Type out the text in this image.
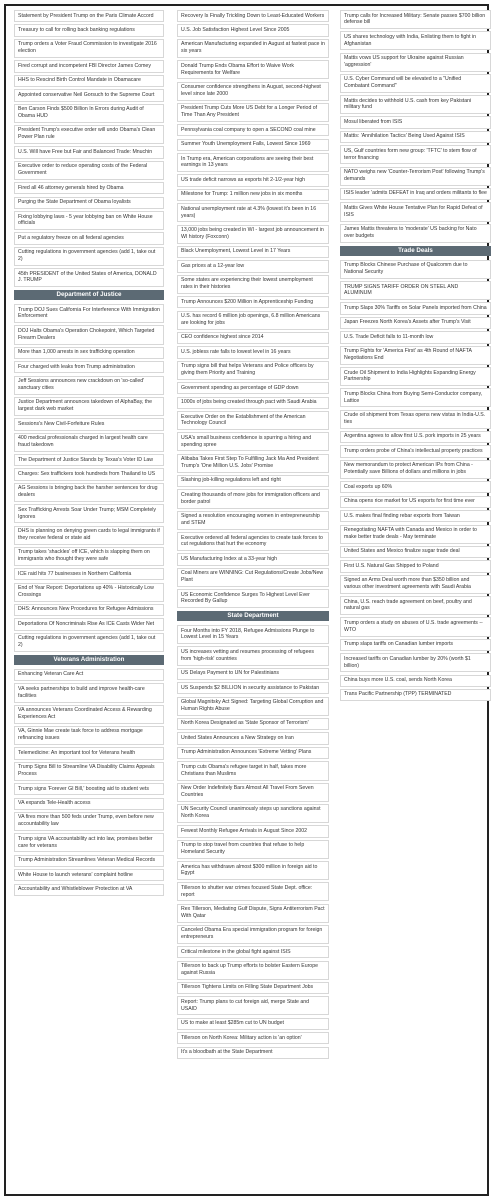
Statement by President Trump on the Paris Climate Accord
Treasury to call for rolling back banking regulations
Trump orders a Voter Fraud Commission to investigate 2016 election
Fired corrupt and incompetent FBI Director James Comey
HHS to Rescind Birth Control Mandate in Obamacare
Appointed conservative Neil Gorsuch to the Supreme Court
Ben Carson Finds $500 Billion In Errors during Audit of Obama HUD
President Trump's executive order will undo Obama's Clean Power Plan rule
U.S. Will have Free but Fair and Balanced Trade: Mnuchin
Executive order to reduce operating costs of the Federal Government
Fired all 46 attorney generals hired by Obama
Purging the State Department of Obama loyalists
Fixing lobbying laws - 5 year lobbying ban on White House officials
Put a regulatory freeze on all federal agencies
Cutting regulations in government agencies (add 1, take out 2)
45th PRESIDENT of the United States of America, DONALD J. TRUMP
Department of Justice
Trump DOJ Sues California For Interference With Immigration Enforcement
DOJ Halts Obama's Operation Chokepoint, Which Targeted Firearm Dealers
More than 1,000 arrests in sex trafficking operation
Four charged with leaks from Trump administration
Jeff Sessions announces new crackdown on 'so-called' sanctuary cities
Justice Department announces takedown of AlphaBay, the largest dark web market
Sessions's New Civil-Forfeiture Rules
400 medical professionals charged in largest health care fraud takedown
The Department of Justice Stands by Texas's Voter ID Law
Charges: Sex traffickers took hundreds from Thailand to US
AG Sessions is bringing back the harsher sentences for drug dealers
Sex Trafficking Arrests Soar Under Trump; MSM Completely Ignores
DHS is planning on denying green cards to legal immigrants if they receive federal or state aid
Trump takes 'shackles' off ICE, which is slapping them on immigrants who thought they were safe
ICE raid hits 77 businesses in Northern California
End of Year Report: Deportations up 40% - Historically Low Crossings
DHS: Announces New Procedures for Refugee Admissions
Deportations Of Noncriminals Rise As ICE Casts Wider Net
Cutting regulations in government agencies (add 1, take out 2)
Veterans Administration
Enhancing Veteran Care Act
VA seeks partnerships to build and improve health-care facilities
VA announces Veterans Coordinated Access & Rewarding Experiences Act
VA, Ginnie Mae create task force to address mortgage refinancing issues
Telemedicine: An important tool for Veterans health
Trump Signs Bill to Streamline VA Disability Claims Appeals Process
Trump signs 'Forever GI Bill,' boosting aid to student vets
VA expands Tele-Health access
VA fires more than 500 feds under Trump, even before new accountability law
Trump signs VA accountability act into law, promises better care for veterans
Trump Administration Streamlines Veteran Medical Records
White House to launch veterans' complaint hotline
Accountability and Whistleblower Protection at VA
Recovery Is Finally Trickling Down to Least-Educated Workers
U.S. Job Satisfaction Highest Level Since 2005
American Manufacturing expanded in August at fastest pace in six years
Donald Trump Ends Obama Effort to Waive Work Requirements for Welfare
Consumer confidence strengthens in August, second-highest level since late 2000
President Trump Cuts More US Debt for a Longer Period of Time Than Any President
Pennsylvania coal company to open a SECOND coal mine
Summer Youth Unemployment Falls, Lowest Since 1969
In Trump era, American corporations are seeing their best earnings in 13 years
US trade deficit narrows as exports hit 2-1/2-year high
Milestone for Trump: 1 million new jobs in six months
National unemployment rate at 4.3% (lowest it's been in 16 years)
13,000 jobs being created in WI - largest job announcement in WI history (Foxconn)
Black Unemployment, Lowest Level in 17 Years
Gas prices at a 12-year low
Some states are experiencing their lowest unemployment rates in their histories
Trump Announces $200 Million in Apprenticeship Funding
U.S. has record 6 million job openings, 6.8 million Americans are looking for jobs
CEO confidence highest since 2014
U.S. jobless rate falls to lowest level in 16 years
Trump signs bill that helps Veterans and Police officers by giving them Priority and Training
Government spending as percentage of GDP down
1000s of jobs being created through pact with Saudi Arabia
Executive Order on the Establishment of the American Technology Council
USA's small business confidence is spurring a hiring and spending spree
Alibaba Takes First Step To Fulfilling Jack Ma And President Trump's 'One Million U.S. Jobs' Promise
Slashing job-killing regulations left and right
Creating thousands of more jobs for immigration officers and border patrol
Signed a resolution encouraging women in entrepreneurship and STEM
Executive ordered all federal agencies to create task forces to cut regulations that hurt the economy
US Manufacturing Index at a 33-year high
Coal Miners are WINNING: Cut Regulations/Create Jobs/New Plant
US Economic Confidence Surges To Highest Level Ever Recorded By Gallup
State Department
Four Months into FY 2018, Refugee Admissions Plunge to Lowest Level in 15 Years
US increases vetting and resumes processing of refugees from 'high-risk' countries
US Delays Payment to UN for Palestinians
US Suspends $2 BILLION in security assistance to Pakistan
Global Magnitsky Act Signed: Targeting Global Corruption and Human Rights Abuse
North Korea Designated as 'State Sponsor of Terrorism'
United States Announces a New Strategy on Iran
Trump Administration Announces 'Extreme Vetting' Plans
Trump cuts Obama's refugee target in half, takes more Christians than Muslims
New Order Indefinitely Bars Almost All Travel From Seven Countries
UN Security Council unanimously steps up sanctions against North Korea
Fewest Monthly Refugee Arrivals in August Since 2002
Trump to stop travel from countries that refuse to help Homeland Security
America has withdrawn almost $300 million in foreign aid to Egypt
Tillerson to shutter war crimes focused State Dept. office: report
Rex Tillerson, Mediating Gulf Dispute, Signs Antiterrorism Pact With Qatar
Canceled Obama Era special immigration program for foreign entrepreneurs
Critical milestone in the global fight against ISIS
Tillerson to back up Trump efforts to bolster Eastern Europe against Russia
Tillerson Tightens Limits on Filling State Department Jobs
Report: Trump plans to cut foreign aid, merge State and USAID
US to make at least $285m cut to UN budget
Tillerson on North Korea: Military action is 'an option'
It's a bloodbath at the State Department
Trump calls for Increased Military: Senate passes $700 billion defense bill
US shares technology with India, Enlisting them to fight in Afghanistan
Mattis vows US support for Ukraine against Russian 'aggression'
U.S. Cyber Command will be elevated to a "Unified Combatant Command"
Mattis decides to withhold U.S. cash from key Pakistani military fund
Mosul liberated from ISIS
Mattis: 'Annihilation Tactics' Being Used Against ISIS
US, Gulf countries form new group: 'TFTC' to stem flow of terror financing
NATO weighs new 'Counter-Terrorism Post' following Trump's demands
ISIS leader 'admits DEFEAT in Iraq and orders militants to flee
Mattis Gives White House Tentative Plan for Rapid Defeat of ISIS
James Mattis threatens to 'moderate' US backing for Nato over budgets
Trade Deals
Trump Blocks Chinese Purchase of Qualcomm due to National Security
TRUMP SIGNS TARIFF ORDER ON STEEL AND ALUMINUM
Trump Slaps 30% Tariffs on Solar Panels imported from China
Japan Freezes North Korea's Assets after Trump's Visit
U.S. Trade Deficit falls to 11-month low
Trump Fights for 'America First' as 4th Round of NAFTA Negotiations End
Crude Oil Shipment to India Highlights Expanding Energy Partnership
Trump Blocks China from Buying Semi-Conductor company, Lattice
Crude oil shipment from Texas opens new vistas in India-U.S. ties
Argentina agrees to allow first U.S. pork imports in 25 years
Trump orders probe of China's intellectual property practices
New memorandum to protect American IPs from China - Potentially save Billions of dollars and millions in jobs
Coal exports up 60%
China opens rice market for US exports for first time ever
U.S. makes final finding rebar exports from Taiwan
Renegotiating NAFTA with Canada and Mexico in order to make better trade deals - May terminate
United States and Mexico finalize sugar trade deal
First U.S. Natural Gas Shipped to Poland
Signed an Arms Deal worth more than $350 billion and various other investment agreements with Saudi Arabia
China, U.S. reach trade agreement on beef, poultry and natural gas
Trump orders a study on abuses of U.S. trade agreements -- WTO
Trump slaps tariffs on Canadian lumber imports
Increased tariffs on Canadian lumber by 20% (worth $1 billion)
China buys more U.S. coal, sends North Korea
Trans Pacific Partnership (TPP) TERMINATED
